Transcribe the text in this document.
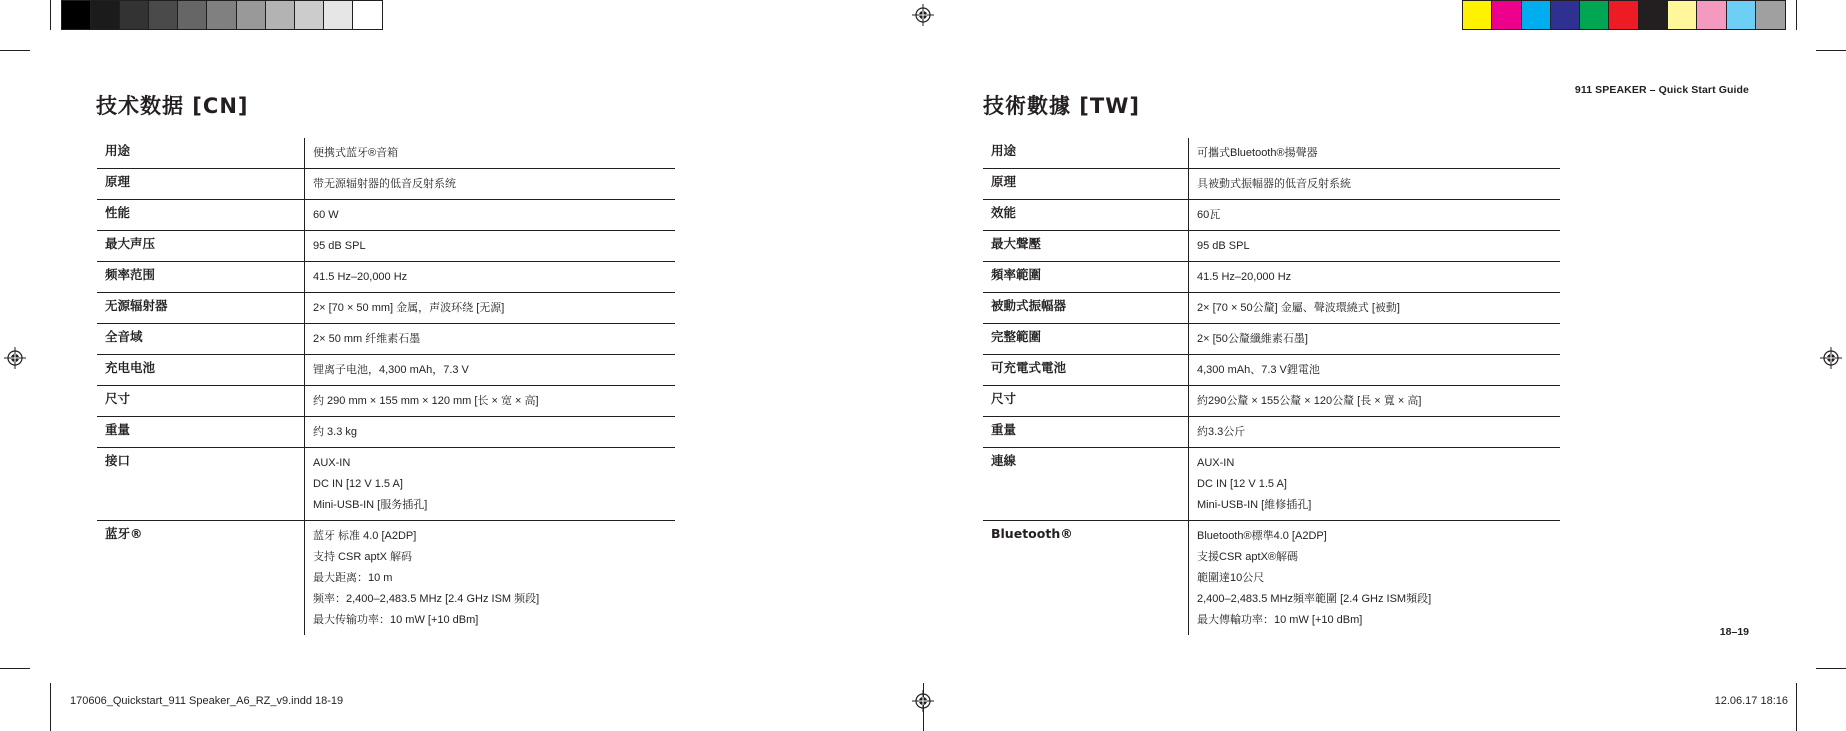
911 SPEAKER – Quick Start Guide
18–19
技术数据 [CN]	技術數據 [TW]
用途	便携式蓝牙®音箱
原理	带无源辐射器的低音反射系统
性能	60 W
最大声压	95 dB SPL
频率范围	41.5 Hz–20,000 Hz
无源辐射器	2× [70 × 50 mm] 金属，声波环绕 [无源]
全音域	2× 50 mm 纤维素石墨
充电电池	锂离子电池，4,300 mAh，7.3 V
尺寸	约 290 mm × 155 mm × 120 mm [长 × 宽 × 高]
重量	约 3.3 kg
接口	AUX-IN
DC IN [12 V 1.5 A]
Mini-USB-IN [服务插孔]
蓝牙®	蓝牙 标准 4.0 [A2DP]
支持 CSR aptX 解码
最大距离：10 m
频率：2,400–2,483.5 MHz [2.4 GHz ISM 频段]
最大传输功率：10 mW [+10 dBm]
用途	可攜式Bluetooth®揚聲器
原理	具被動式振幅器的低音反射系統
效能	60瓦
最大聲壓	95 dB SPL
頻率範圍	41.5 Hz–20,000 Hz
被動式振幅器	2× [70 × 50公釐] 金屬、聲波環繞式 [被動]
完整範圍	2× [50公釐纖維素石墨]
可充電式電池	4,300 mAh、7.3 V鋰電池
尺寸	約290公釐 × 155公釐 × 120公釐 [長 × 寬 × 高]
重量	約3.3公斤
連線	AUX-IN
DC IN [12 V 1.5 A]
Mini-USB-IN [維修插孔]
Bluetooth®	Bluetooth®標準4.0 [A2DP]
支援CSR aptX®解碼
範圍達10公尺
2,400–2,483.5 MHz頻率範圍 [2.4 GHz ISM頻段]
最大傳輸功率：10 mW [+10 dBm]
170606_Quickstart_911 Speaker_A6_RZ_v9.indd 18-19	12.06.17 18:16
